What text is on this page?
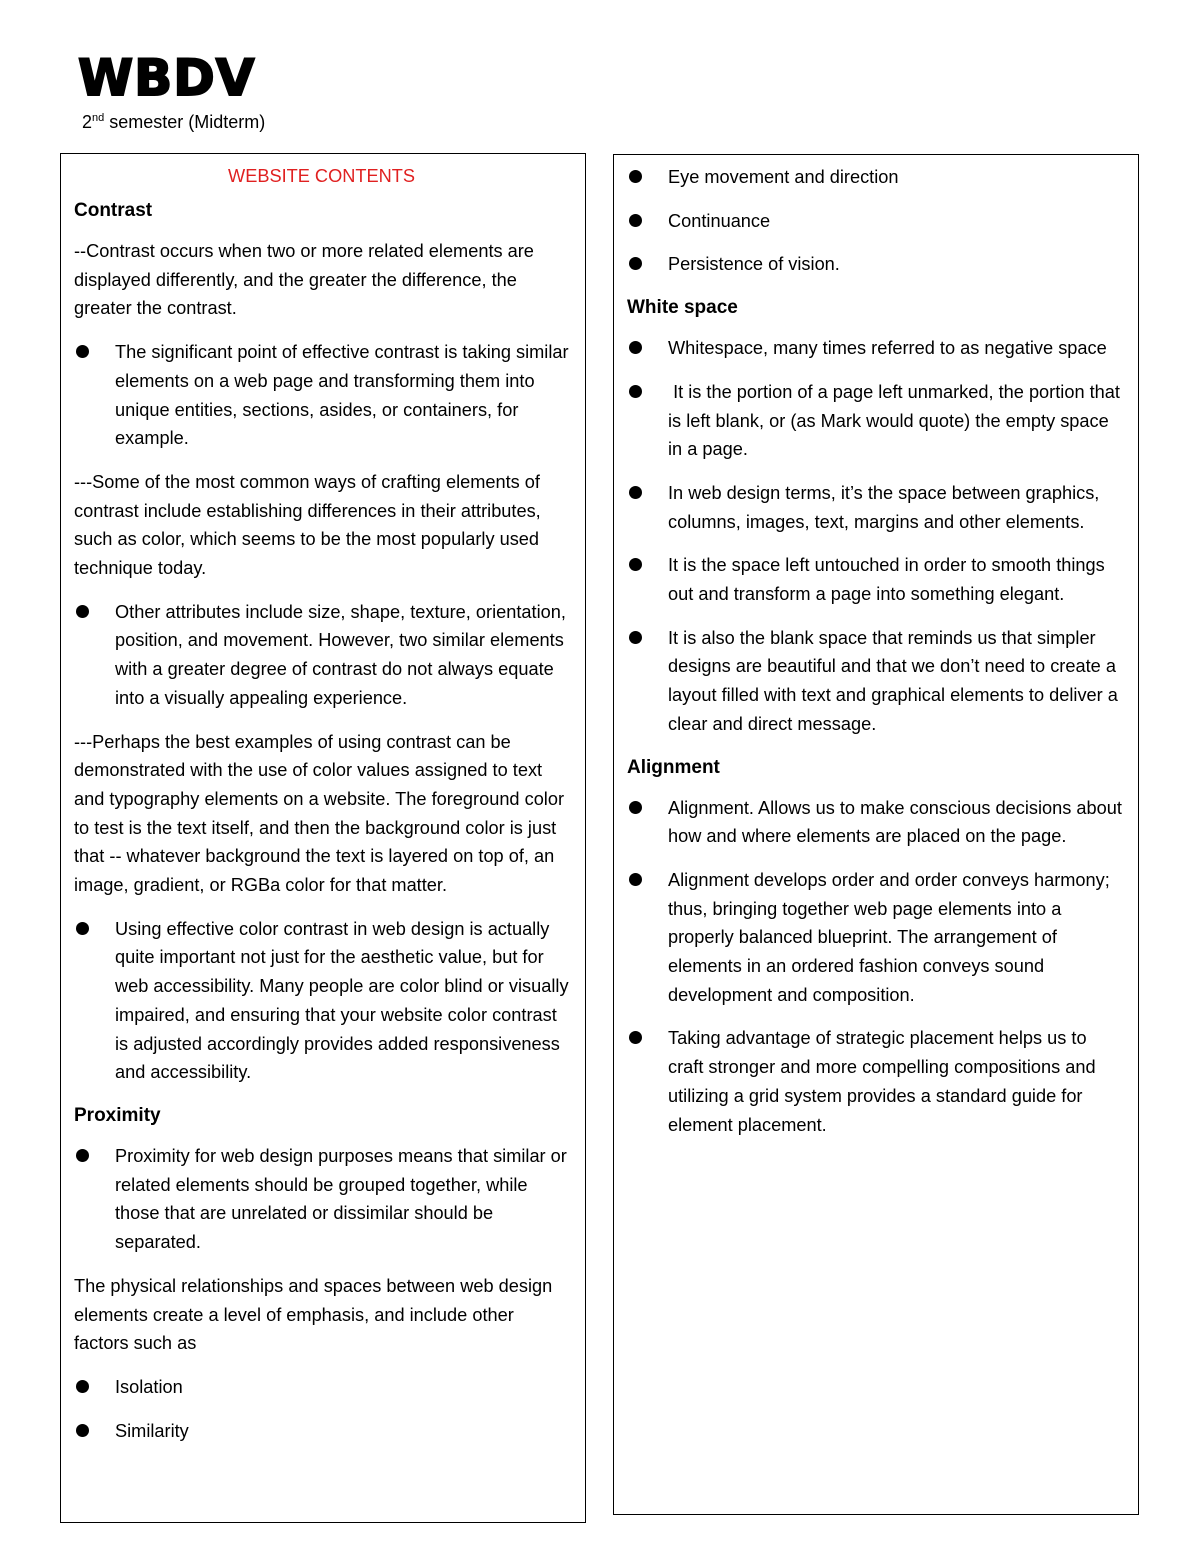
WBDV
2nd semester (Midterm)
WEBSITE CONTENTS
Contrast

--Contrast occurs when two or more related elements are displayed differently, and the greater the difference, the greater the contrast.

The significant point of effective contrast is taking similar elements on a web page and transforming them into unique entities, sections, asides, or containers, for example.

---Some of the most common ways of crafting elements of contrast include establishing differences in their attributes, such as color, which seems to be the most popularly used technique today.

Other attributes include size, shape, texture, orientation, position, and movement. However, two similar elements with a greater degree of contrast do not always equate into a visually appealing experience.

---Perhaps the best examples of using contrast can be demonstrated with the use of color values assigned to text and typography elements on a website. The foreground color to test is the text itself, and then the background color is just that -- whatever background the text is layered on top of, an image, gradient, or RGBa color for that matter.

Using effective color contrast in web design is actually quite important not just for the aesthetic value, but for web accessibility. Many people are color blind or visually impaired, and ensuring that your website color contrast is adjusted accordingly provides added responsiveness and accessibility.
Proximity
Proximity for web design purposes means that similar or related elements should be grouped together, while those that are unrelated or dissimilar should be separated.

The physical relationships and spaces between web design elements create a level of emphasis, and include other factors such as

Isolation
Similarity
Eye movement and direction
Continuance
Persistence of vision.
White space
Whitespace, many times referred to as negative space
It is the portion of a page left unmarked, the portion that is left blank, or (as Mark would quote) the empty space in a page.
In web design terms, it’s the space between graphics, columns, images, text, margins and other elements.
It is the space left untouched in order to smooth things out and transform a page into something elegant.
It is also the blank space that reminds us that simpler designs are beautiful and that we don’t need to create a layout filled with text and graphical elements to deliver a clear and direct message.
Alignment
Alignment. Allows us to make conscious decisions about how and where elements are placed on the page.
Alignment develops order and order conveys harmony; thus, bringing together web page elements into a properly balanced blueprint. The arrangement of elements in an ordered fashion conveys sound development and composition.
Taking advantage of strategic placement helps us to craft stronger and more compelling compositions and utilizing a grid system provides a standard guide for element placement.
